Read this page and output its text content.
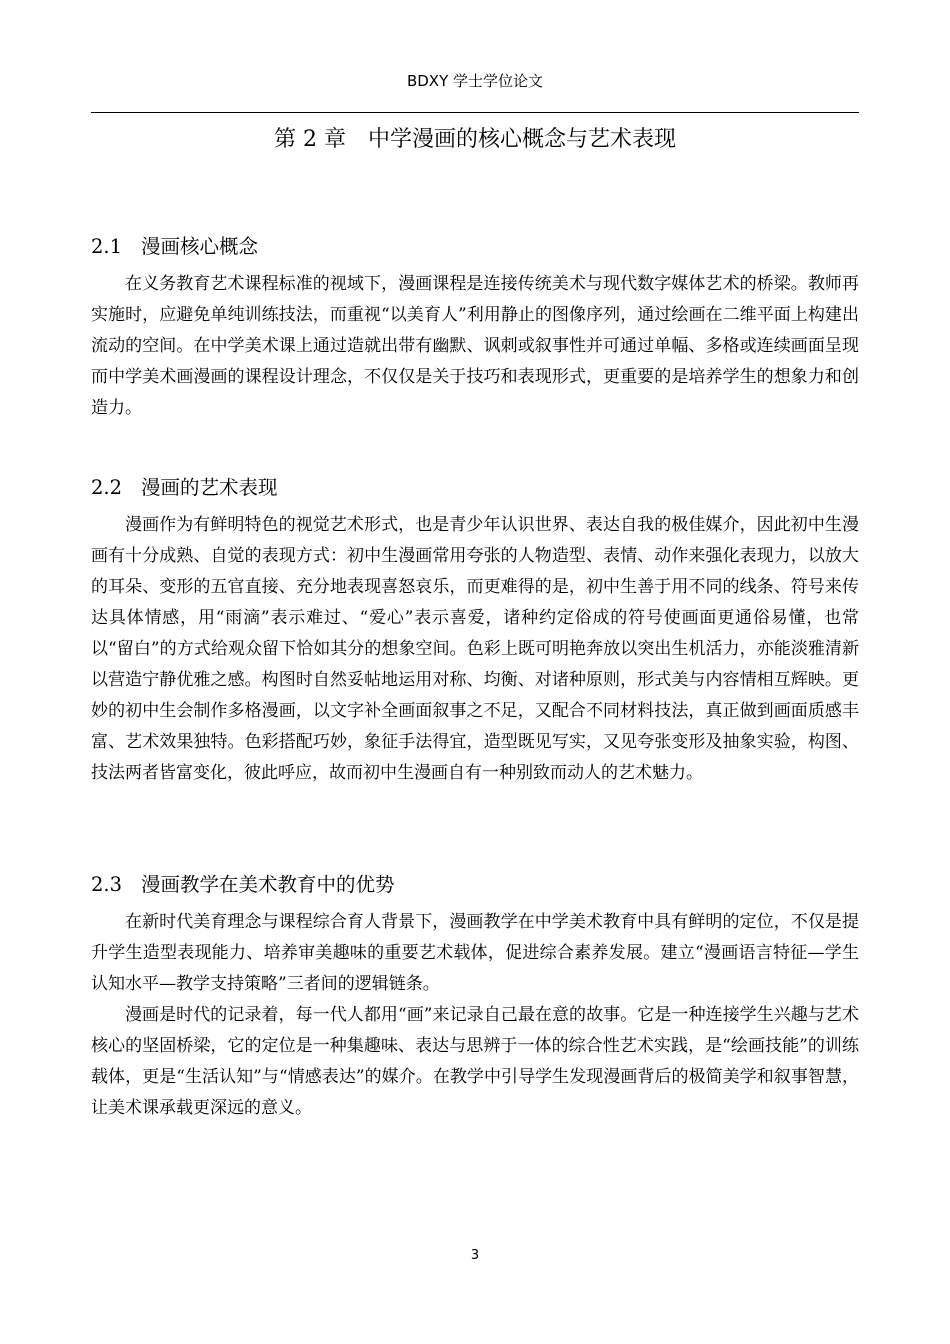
BDXY 学士学位论文
第 2 章　中学漫画的核心概念与艺术表现
2.1 漫画核心概念

在义务教育艺术课程标准的视域下，漫画课程是连接传统美术与现代数字媒体艺术的桥梁。教师再实施时，应避免单纯训练技法，而重视“以美育人”利用静止的图像序列，通过绘画在二维平面上构建出流动的空间。在中学美术课上通过造就出带有幽默、讽刺或叙事性并可通过单幅、多格或连续画面呈现而中学美术画漫画的课程设计理念，不仅仅是关于技巧和表现形式，更重要的是培养学生的想象力和创造力。

2.2 漫画的艺术表现

漫画作为有鲜明特色的视觉艺术形式，也是青少年认识世界、表达自我的极佳媒介，因此初中生漫画有十分成熟、自觉的表现方式：初中生漫画常用夸张的人物造型、表情、动作来强化表现力，以放大的耳朵、变形的五官直接、充分地表现喜怒哀乐，而更难得的是，初中生善于用不同的线条、符号来传达具体情感，用“雨滴”表示难过、“爱心”表示喜爱，诸种约定俗成的符号使画面更通俗易懂，也常以“留白”的方式给观众留下恰如其分的想象空间。色彩上既可明艳奔放以突出生机活力，亦能淡雅清新以营造宁静优雅之感。构图时自然妥帖地运用对称、均衡、对诸种原则，形式美与内容情相互辉映。更妙的初中生会制作多格漫画，以文字补全画面叙事之不足，又配合不同材料技法，真正做到画面质感丰富、艺术效果独特。色彩搭配巧妙，象征手法得宜，造型既见写实，又见夸张变形及抽象实验，构图、技法两者皆富变化，彼此呼应，故而初中生漫画自有一种别致而动人的艺术魅力。

2.3 漫画教学在美术教育中的优势

在新时代美育理念与课程综合育人背景下，漫画教学在中学美术教育中具有鲜明的定位，不仅是提升学生造型表现能力、培养审美趣味的重要艺术载体，促进综合素养发展。建立“漫画语言特征—学生认知水平—教学支持策略”三者间的逻辑链条。

漫画是时代的记录着，每一代人都用“画”来记录自己最在意的故事。它是一种连接学生兴趣与艺术核心的坚固桥梁，它的定位是一种集趣味、表达与思辨于一体的综合性艺术实践，是“绘画技能”的训练载体，更是“生活认知”与“情感表达”的媒介。在教学中引导学生发现漫画背后的极简美学和叙事智慧，让美术课承载更深远的意义。

3
